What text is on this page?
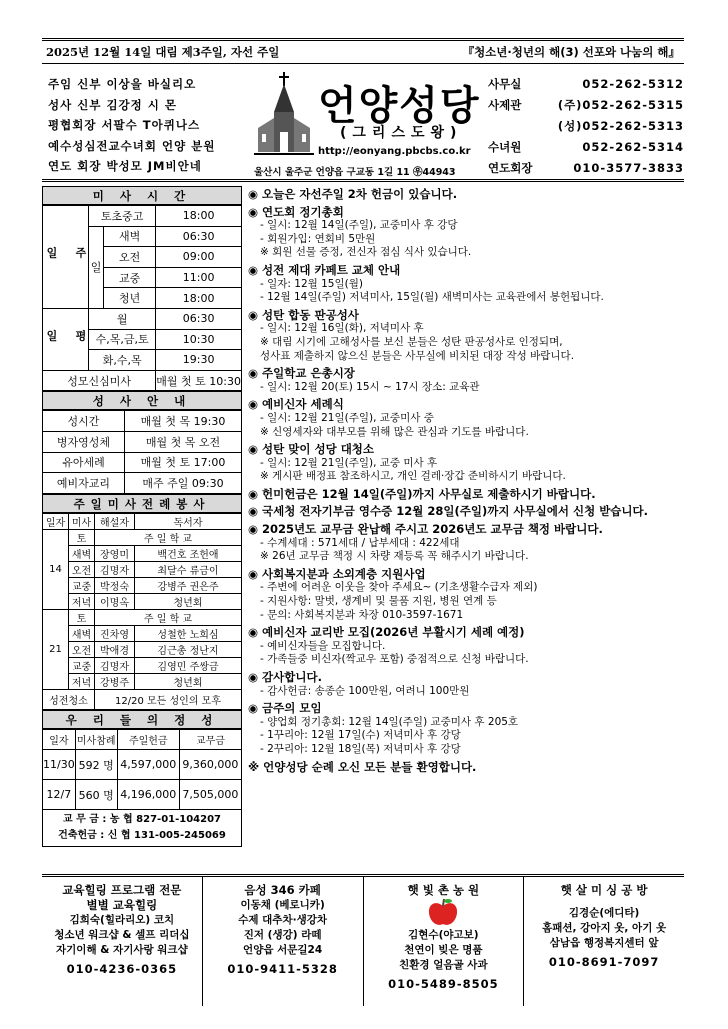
2025년 12월 14일 대림 제3주일, 자선 주일	『청소년·청년의 해(3) 선포와 나눔의 해』
주임 신부 이상을 바실리오
성사 신부 김강정 시 몬
평협회장 서팔수 T아퀴나스
예수성심전교수녀회 언양 분원
연도 회장 박성모 JM비안네
언양성당
(그리스도왕)
http://eonyang.pbcbs.co.kr
울산시 울주군 언양읍 구교동 1길 11 ㉾44943
사무실	052-262-5312
사제관	(주)052-262-5315
(성)052-262-5313
수녀원	052-262-5314
연도회장	010-3577-3833
미 사 시 간
주

일	토초중고		18:00
	일	새벽	06:30
		오전	09:00
		교중	11:00
		청년	18:00

평

일	월		06:30
	수,목,금,토		10:30
	화,수,목		19:30
성모신심미사			매월 첫 토 10:30
성 사 안 내
성시간	매월 첫 목 19:30
병자영성체	매월 첫 목 오전
유아세례	매월 첫 토 17:00
예비자교리	매주 주일 09:30
주일미사전례봉사
일자	미사	해설자	독서자
14	토	주 일 학 교	
	새벽	장영미	백건호 조헌애
	오전	김명자	최달수 류금이
	교중	박정숙	강병주 권은주
	저녁	이명옥	청년회
21	토	주 일 학 교	
	새벽	진차영	성철한 노희심
	오전	박애경	김근총 정난지
	교중	김명자	김영민 주쌍금
	저녁	강병주	청년회
성전청소		12/20 모든 성인의 모후	
우 리 들 의 정 성
일자	미사참례	주일헌금	교무금
11/30	592 명	4,597,000	9,360,000
12/7	560 명	4,196,000	7,505,000
교 무 금 : 농 협 827-01-104207
건축헌금 : 신 협 131-005-245069
◉ 오늘은 자선주일 2차 헌금이 있습니다.
◉ 연도회 정기총회
- 일시: 12월 14일(주일), 교중미사 후 강당
- 회원가입: 연회비 5만원
※ 회원 선물 증정, 전신자 점심 식사 있습니다.
◉ 성전 제대 카페트 교체 안내
- 일자: 12월 15일(월)
- 12월 14일(주일) 저녁미사, 15일(월) 새벽미사는 교육관에서 봉헌됩니다.
◉ 성탄 합동 판공성사
- 일시: 12월 16일(화), 저녁미사 후
※ 대림 시기에 고해성사를 보신 분들은 성탄 판공성사로 인정되며,
성사표 제출하지 않으신 분들은 사무실에 비치된 대장 작성 바랍니다.
◉ 주일학교 은총시장
- 일시: 12월 20(토) 15시 ~ 17시 장소: 교육관
◉ 예비신자 세례식
- 일시: 12월 21일(주일), 교중미사 중
※ 신영세자와 대부모를 위해 많은 관심과 기도를 바랍니다.
◉ 성탄 맞이 성당 대청소
- 일시: 12월 21일(주일), 교중 미사 후
※ 게시판 배정표 참조하시고, 개인 걸레·장갑 준비하시기 바랍니다.
◉ 헌미헌금은 12월 14일(주일)까지 사무실로 제출하시기 바랍니다.
◉ 국세청 전자기부금 영수증 12월 28일(주일)까지 사무실에서 신청 받습니다.
◉ 2025년도 교무금 완납해 주시고 2026년도 교무금 책정 바랍니다.
- 수계세대 : 571세대 / 납부세대 : 422세대
※ 26년 교무금 책정 시 차량 재등록 꼭 해주시기 바랍니다.
◉ 사회복지분과 소외계층 지원사업
- 주변에 어려운 이웃을 찾아 주세요~ (기초생활수급자 제외)
- 지원사항: 말벗, 생계비 및 물품 지원, 병원 연계 등
- 문의: 사회복지분과 차장 010-3597-1671
◉ 예비신자 교리반 모집(2026년 부활시기 세례 예정)
- 예비신자들을 모집합니다.
- 가족들중 비신자(짝교우 포함) 중점적으로 신청 바랍니다.
◉ 감사합니다.
- 감사헌금: 송종순 100만원, 여려니 100만원
◉ 금주의 모임
- 양업회 정기총회: 12월 14일(주일) 교중미사 후 205호
- 1꾸리아: 12월 17일(수) 저녁미사 후 강당
- 2꾸리아: 12월 18일(목) 저녁미사 후 강당
※ 언양성당 순례 오신 모든 분들 환영합니다.
교육힐링 프로그램 전문
별별 교육힐링
김희숙(힐라리오) 코치
청소년 워크샵 & 셀프 리더십
자기이해 & 자기사랑 워크샵
010-4236-0365
음성 346 카페
이동채 (베로니카)
수제 대추차·생강차
진저 (생강) 라떼
언양읍 서문길24
010-9411-5328
햇 빛 촌 농 원
김현수(야고보)
천연이 빚은 명품
친환경 얼음골 사과
010-5489-8505
햇 살 미 싱 공 방
김경순(에디타)
홈패션, 강아지 옷, 아기 옷
삼남읍 행정복지센터 앞
010-8691-7097
